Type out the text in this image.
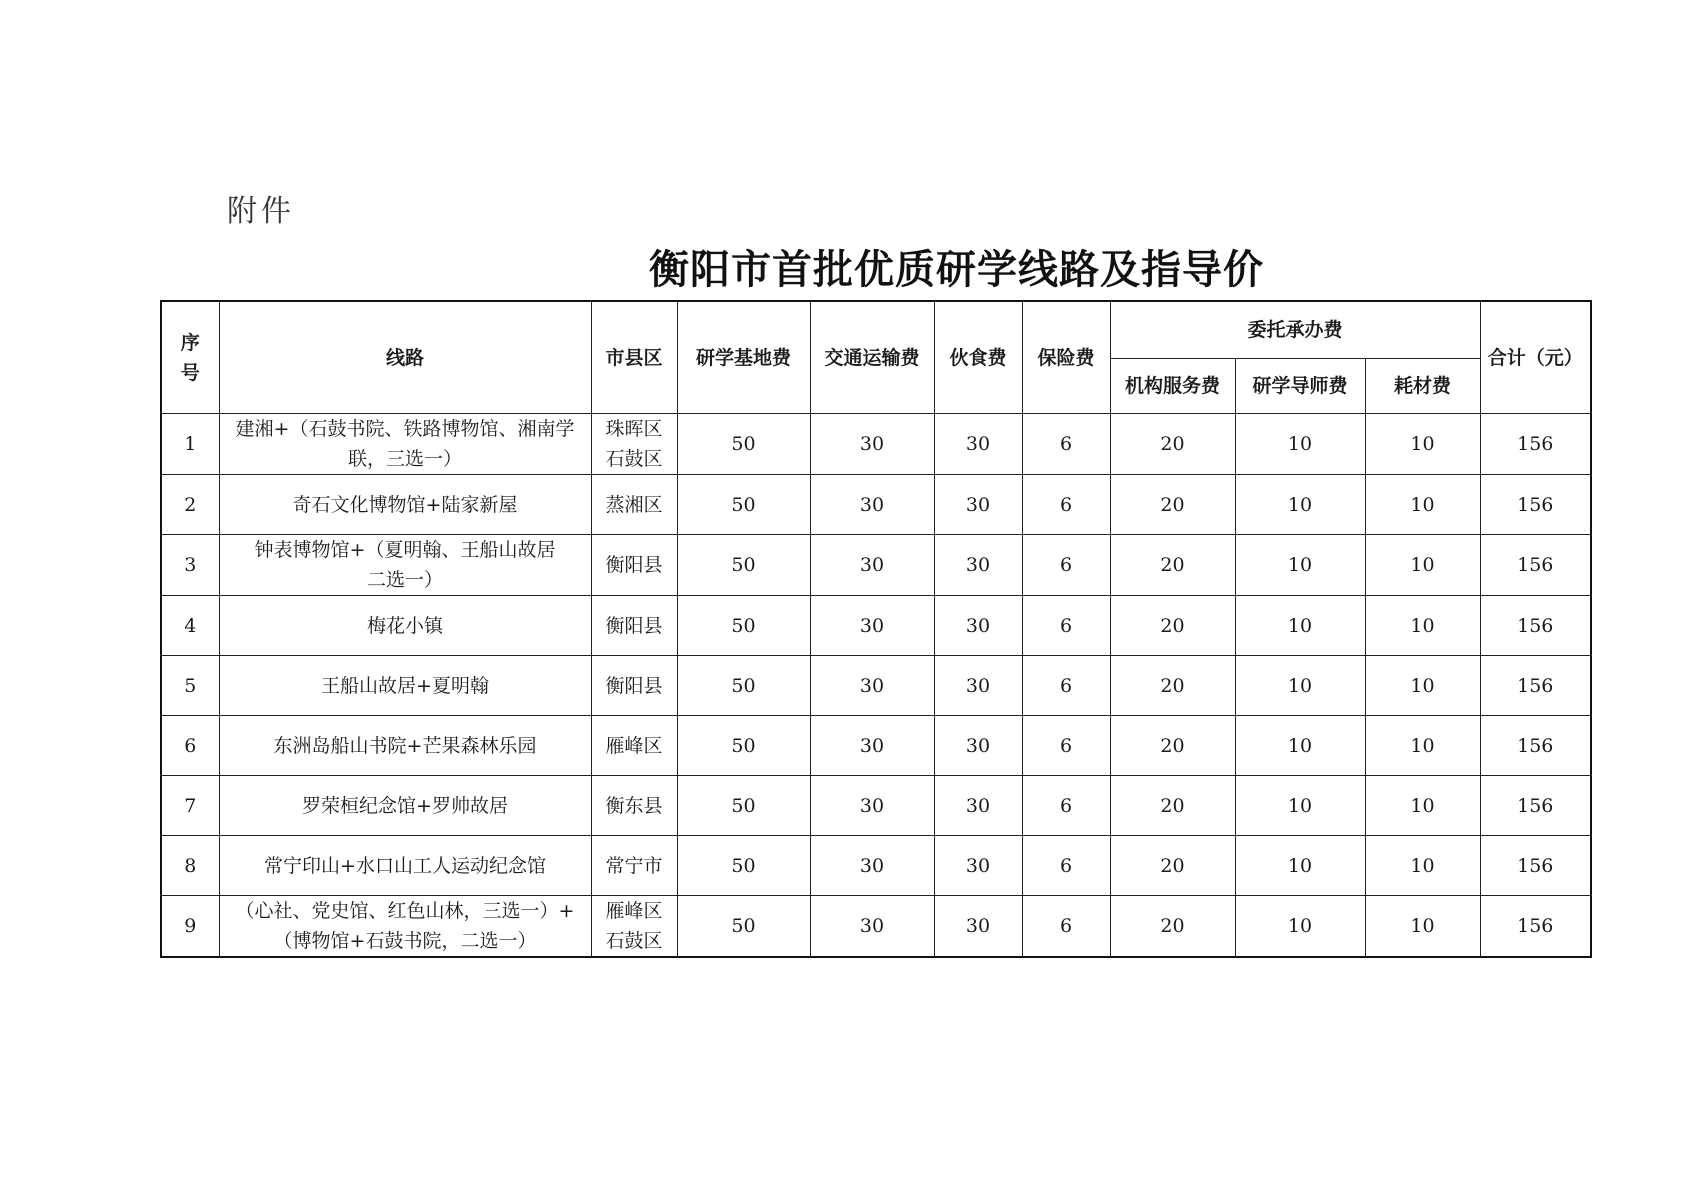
附件
衡阳市首批优质研学线路及指导价
序号	线路	市县区	研学基地费	交通运输费	伙食费	保险费	委托承办费			合计（元）
							机构服务费	研学导师费	耗材费	
1	建湘+（石鼓书院、铁路博物馆、湘南学
联，三选一）	珠晖区
石鼓区	50	30	30	6	20	10	10	156
2	奇石文化博物馆+陆家新屋	蒸湘区	50	30	30	6	20	10	10	156
3	钟表博物馆+（夏明翰、王船山故居
二选一）	衡阳县	50	30	30	6	20	10	10	156
4	梅花小镇	衡阳县	50	30	30	6	20	10	10	156
5	王船山故居+夏明翰	衡阳县	50	30	30	6	20	10	10	156
6	东洲岛船山书院+芒果森林乐园	雁峰区	50	30	30	6	20	10	10	156
7	罗荣桓纪念馆+罗帅故居	衡东县	50	30	30	6	20	10	10	156
8	常宁印山+水口山工人运动纪念馆	常宁市	50	30	30	6	20	10	10	156
9	（心社、党史馆、红色山林，三选一）+
（博物馆+石鼓书院，二选一）	雁峰区
石鼓区	50	30	30	6	20	10	10	156
